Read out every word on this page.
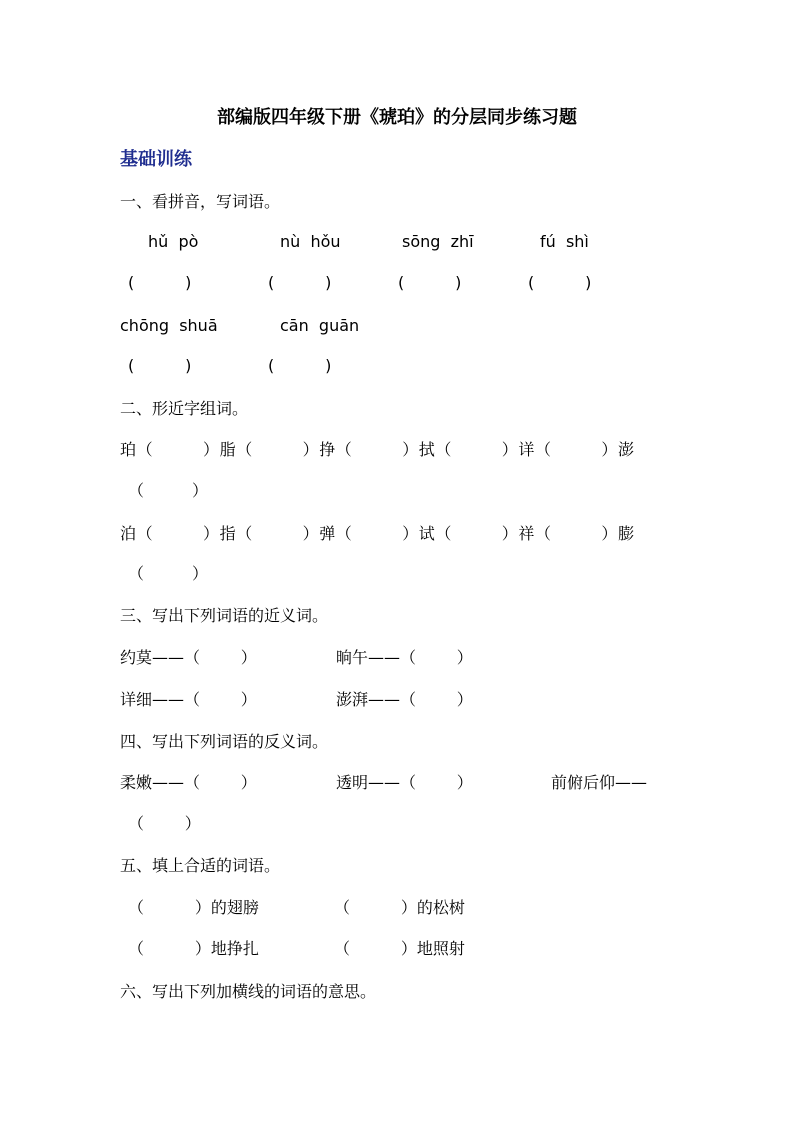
部编版四年级下册《琥珀》的分层同步练习题
基础训练
一、看拼音，写词语。
hǔ  pò	nù  hǒu	sōng  zhī	fú  shì
(          )	(          )	(          )	(          )
chōng  shuā	cān  guān
(          )	(          )
二、形近字组词。
珀（　　　）脂（　　　）挣（　　　）拭（　　　）详（　　　）澎
（　　　）
泊（　　　）指（　　　）弹（　　　）试（　　　）祥（　　　）膨
（　　　）
三、写出下列词语的近义词。
约莫——（        ）	晌午——（        ）
详细——（        ）	澎湃——（        ）
四、写出下列词语的反义词。
柔嫩——（        ）	透明——（        ）	前俯后仰——
（        ）
五、填上合适的词语。
（          ）的翅膀	（          ）的松树
（          ）地挣扎	（          ）地照射
六、写出下列加横线的词语的意思。
